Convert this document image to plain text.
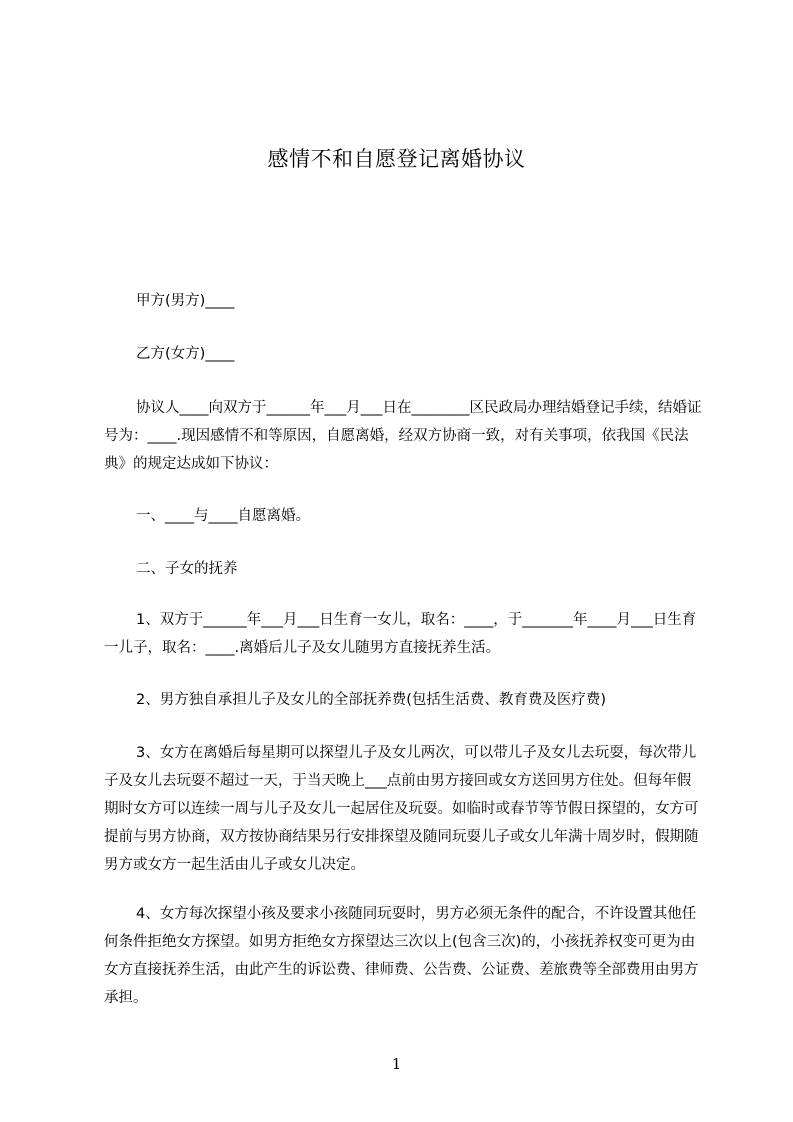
感情不和自愿登记离婚协议

甲方(男方)____

乙方(女方)____

协议人____向双方于______年___月___日在________区民政局办理结婚登记手续，结婚证号为：____.现因感情不和等原因，自愿离婚，经双方协商一致，对有关事项，依我国《民法典》的规定达成如下协议：

一、____与____自愿离婚。

二、子女的抚养

1、双方于______年___月___日生育一女儿，取名：____，于_______年____月___日生育一儿子，取名：____.离婚后儿子及女儿随男方直接抚养生活。

2、男方独自承担儿子及女儿的全部抚养费(包括生活费、教育费及医疗费)

3、女方在离婚后每星期可以探望儿子及女儿两次，可以带儿子及女儿去玩耍，每次带儿子及女儿去玩耍不超过一天，于当天晚上___点前由男方接回或女方送回男方住处。但每年假期时女方可以连续一周与儿子及女儿一起居住及玩耍。如临时或春节等节假日探望的，女方可提前与男方协商，双方按协商结果另行安排探望及随同玩耍儿子或女儿年满十周岁时，假期随男方或女方一起生活由儿子或女儿决定。

4、女方每次探望小孩及要求小孩随同玩耍时，男方必须无条件的配合，不许设置其他任何条件拒绝女方探望。如男方拒绝女方探望达三次以上(包含三次)的，小孩抚养权变可更为由女方直接抚养生活，由此产生的诉讼费、律师费、公告费、公证费、差旅费等全部费用由男方承担。

1
